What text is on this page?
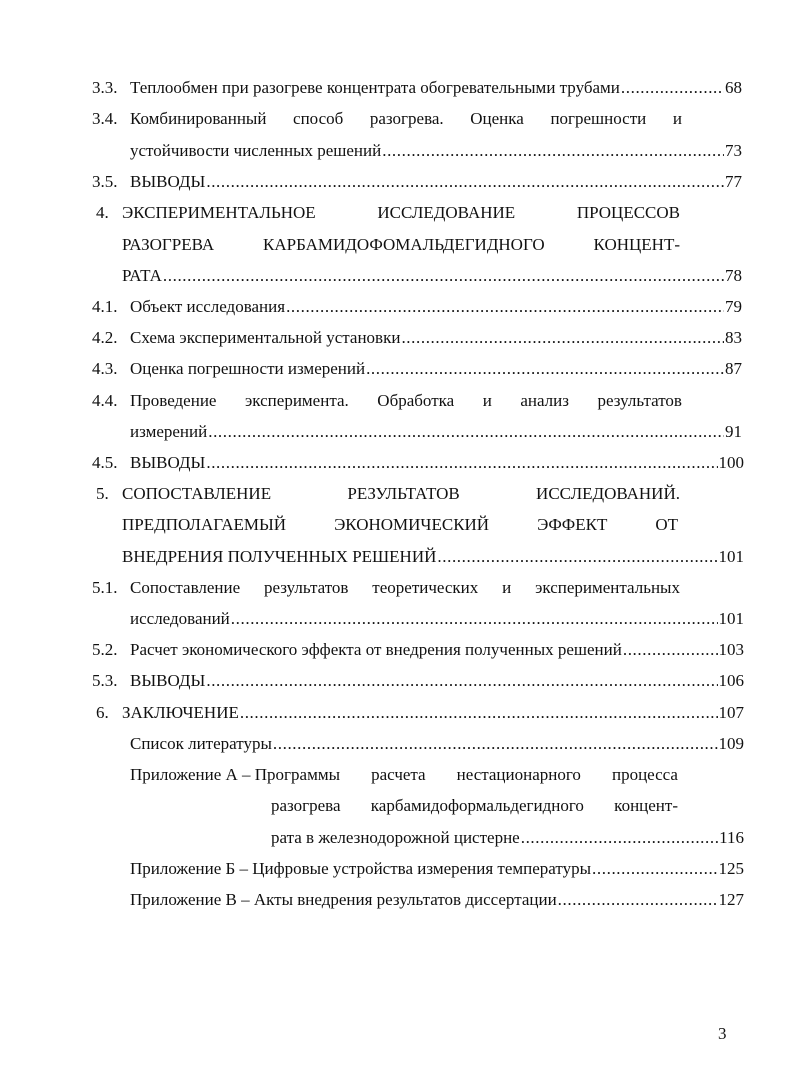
3.3. Теплообмен при разогреве концентрата обогревательными трубами .....	68
3.4. Комбинированный способ разогрева. Оценка погрешности и
устойчивости численных решений .....	73
3.5. ВЫВОДЫ .....	77
4. ЭКСПЕРИМЕНТАЛЬНОЕ	ИССЛЕДОВАНИЕ	ПРОЦЕССОВ
РАЗОГРЕВА	КАРБАМИДОФОМАЛЬДЕГИДНОГО	КОНЦЕНТ-
РАТА .....	78
4.1. Объект исследования .....	79
4.2. Схема экспериментальной установки .....	83
4.3. Оценка погрешности измерений .....	87
4.4. Проведение эксперимента. Обработка и анализ результатов
измерений .....	91
4.5. ВЫВОДЫ .....	100
5. СОПОСТАВЛЕНИЕ	РЕЗУЛЬТАТОВ	ИССЛЕДОВАНИЙ.
ПРЕДПОЛАГАЕМЫЙ	ЭКОНОМИЧЕСКИЙ	ЭФФЕКТ	ОТ
ВНЕДРЕНИЯ ПОЛУЧЕННЫХ РЕШЕНИЙ .....	101
5.1. Сопоставление результатов теоретических и экспериментальных
исследований .....	101
5.2. Расчет экономического эффекта от внедрения полученных решений .....	103
5.3. ВЫВОДЫ .....	106
6. ЗАКЛЮЧЕНИЕ .....	107
Список литературы .....	109
Приложение А – Программы расчета нестационарного процесса
разогрева карбамидоформальдегидного концент-
рата в железнодорожной цистерне .....	116
Приложение Б – Цифровые устройства измерения температуры .....	125
Приложение В – Акты внедрения результатов диссертации .....	127
3
